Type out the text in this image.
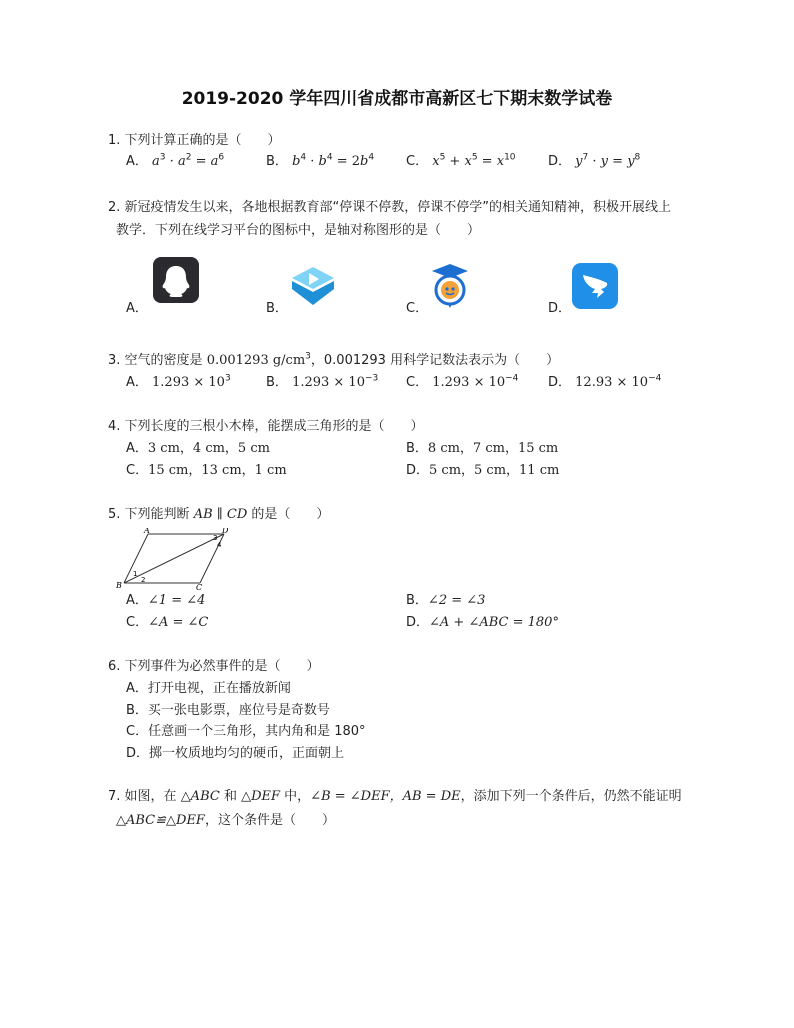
2019-2020 学年四川省成都市高新区七下期末数学试卷
1. 下列计算正确的是（　　）
A． $a^3 \cdot a^2 = a^6$	B． $b^4 \cdot b^4 = 2b^4$ C． $x^5 + x^5 = x^{10}$ D． $y^7 \cdot y = y^8$
2. 新冠疫情发生以来，各地根据教育部“停课不停教，停课不停学”的相关通知精神，积极开展线上
教学．下列在线学习平台的图标中，是轴对称图形的是（　　）
A．	B．	C．	D．
3. 空气的密度是 0.001293 $g/cm^3$，0.001293 用科学记数法表示为（　　）
A． $1.293 \times 10^3$	B． $1.293 \times 10^{-3}$ C． $1.293 \times 10^{-4}$ D． $12.93 \times 10^{-4}$
4. 下列长度的三根小木棒，能摆成三角形的是（　　）
A．3 cm，4 cm，5 cm	B．8 cm，7 cm，15 cm
C．15 cm，13 cm，1 cm	D．5 cm，5 cm，11 cm
5. 下列能判断 AB ∥ CD 的是（　　）
A
B	C
D
1
2
3
4
A．∠1 = ∠4	B．∠2 = ∠3
C．∠A = ∠C	D．∠A + ∠ABC = 180°
6. 下列事件为必然事件的是（　　）
A．打开电视，正在播放新闻
B．买一张电影票，座位号是奇数号
C．任意画一个三角形，其内角和是 180°
D．掷一枚质地均匀的硬币，正面朝上
7. 如图，在 △ABC 和 △DEF 中，∠B = ∠DEF，AB = DE，添加下列一个条件后，仍然不能证明
△ABC≌△DEF，这个条件是（　　）
